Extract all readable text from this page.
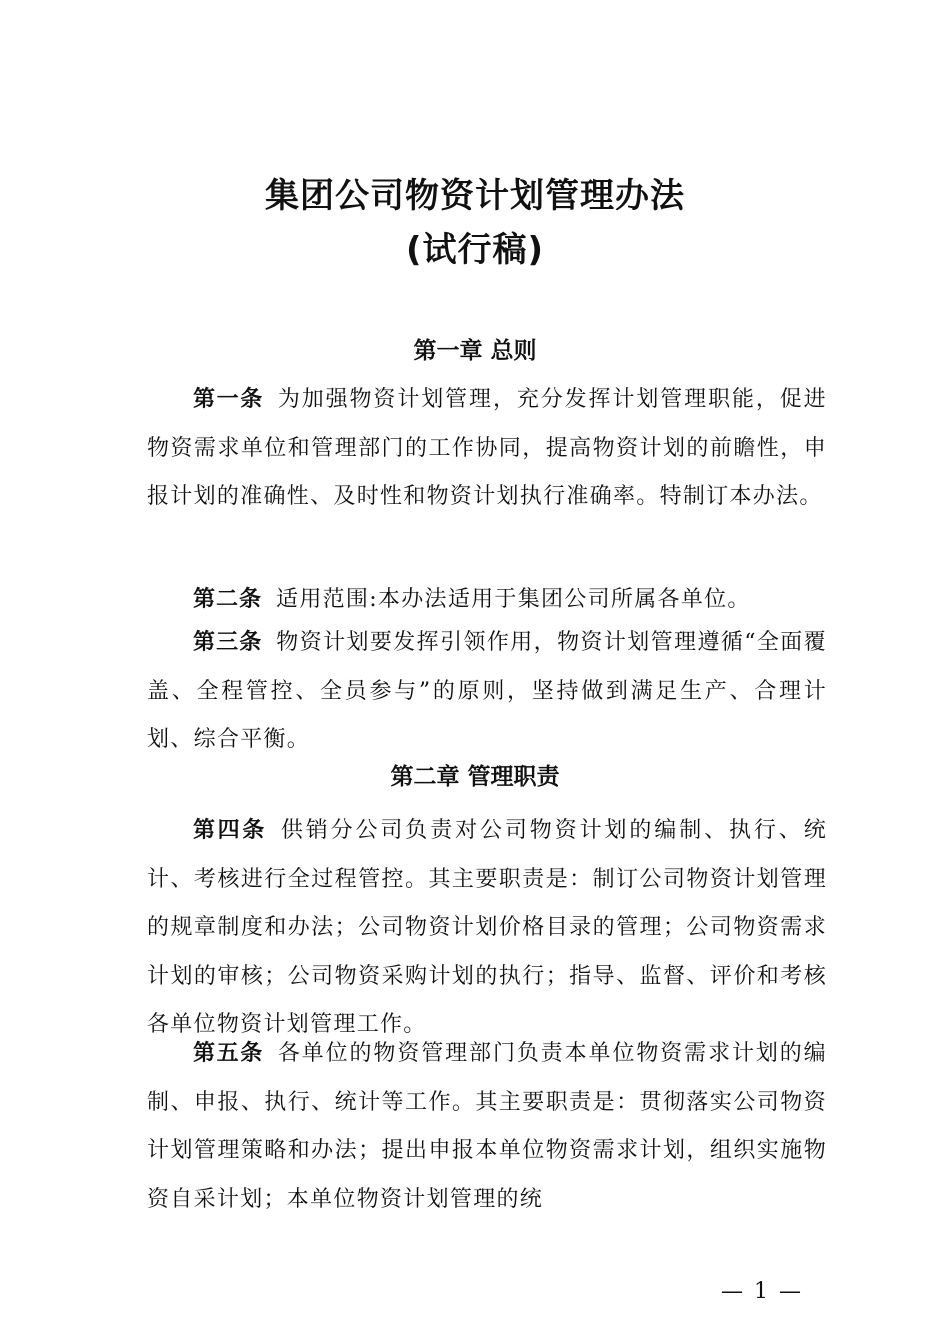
集团公司物资计划管理办法
(试行稿)
第一章 总则

第一条 为加强物资计划管理，充分发挥计划管理职能，促进物资需求单位和管理部门的工作协同，提高物资计划的前瞻性，申报计划的准确性、及时性和物资计划执行准确率。特制订本办法。

第二条 适用范围:本办法适用于集团公司所属各单位。

第三条 物资计划要发挥引领作用，物资计划管理遵循“全面覆盖、全程管控、全员参与”的原则，坚持做到满足生产、合理计划、综合平衡。

第二章 管理职责

第四条 供销分公司负责对公司物资计划的编制、执行、统计、考核进行全过程管控。其主要职责是：制订公司物资计划管理的规章制度和办法；公司物资计划价格目录的管理；公司物资需求计划的审核；公司物资采购计划的执行；指导、监督、评价和考核各单位物资计划管理工作。

第五条 各单位的物资管理部门负责本单位物资需求计划的编制、申报、执行、统计等工作。其主要职责是：贯彻落实公司物资计划管理策略和办法；提出申报本单位物资需求计划，组织实施物资自采计划；本单位物资计划管理的统

— 1 —
